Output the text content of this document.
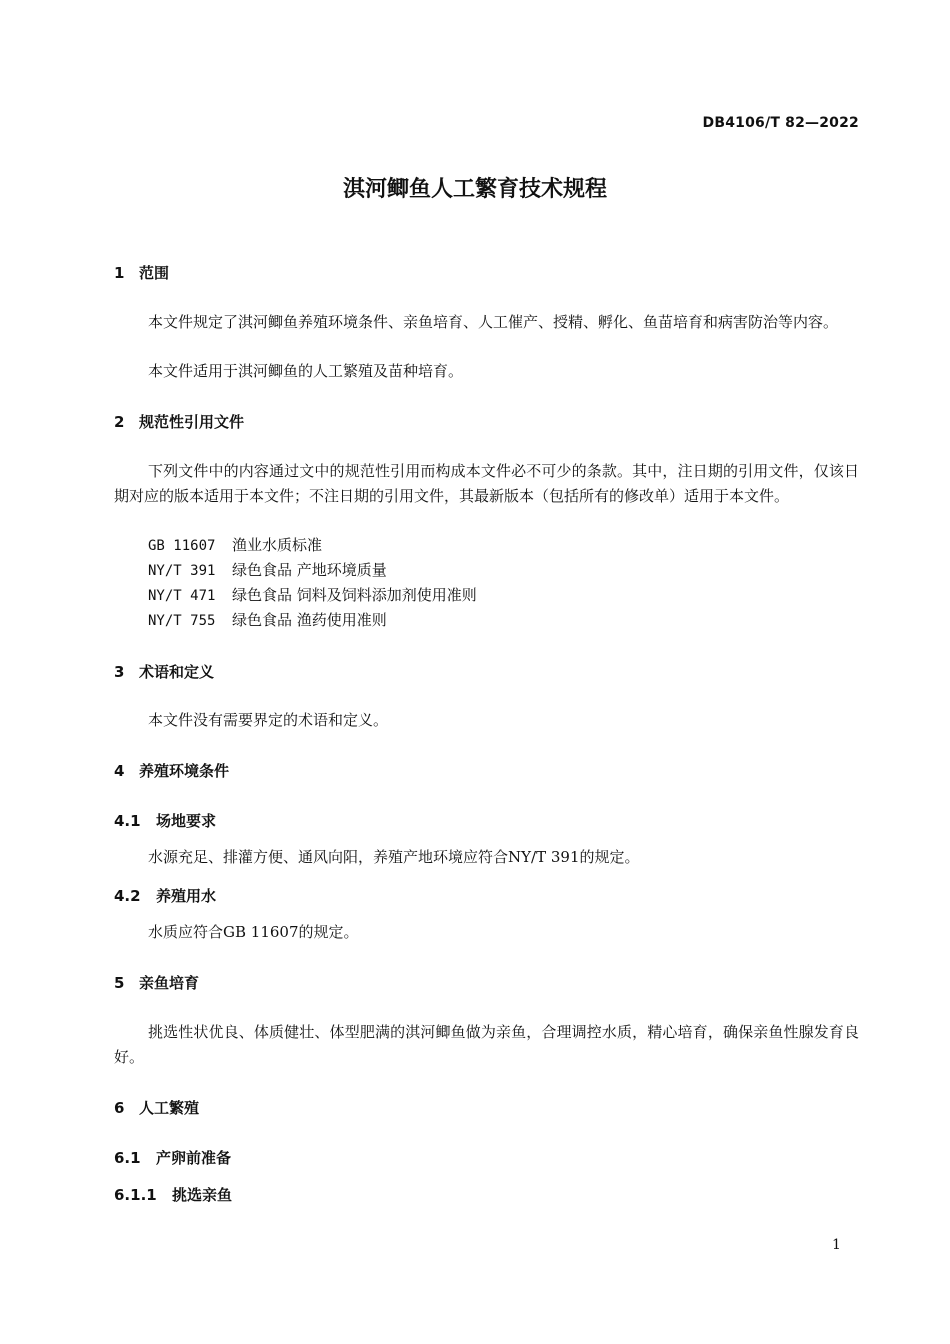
DB4106/T 82—2022
淇河鲫鱼人工繁育技术规程
1 范围
本文件规定了淇河鲫鱼养殖环境条件、亲鱼培育、人工催产、授精、孵化、鱼苗培育和病害防治等内容。
本文件适用于淇河鲫鱼的人工繁殖及苗种培育。
2 规范性引用文件
下列文件中的内容通过文中的规范性引用而构成本文件必不可少的条款。其中，注日期的引用文件，仅该日期对应的版本适用于本文件；不注日期的引用文件，其最新版本（包括所有的修改单）适用于本文件。
GB 11607 渔业水质标准
NY/T 391 绿色食品 产地环境质量
NY/T 471 绿色食品 饲料及饲料添加剂使用准则
NY/T 755 绿色食品 渔药使用准则
3 术语和定义
本文件没有需要界定的术语和定义。
4 养殖环境条件
4.1 场地要求
水源充足、排灌方便、通风向阳，养殖产地环境应符合NY/T 391的规定。
4.2 养殖用水
水质应符合GB 11607的规定。
5 亲鱼培育
挑选性状优良、体质健壮、体型肥满的淇河鲫鱼做为亲鱼，合理调控水质，精心培育，确保亲鱼性腺发育良好。
6 人工繁殖
6.1 产卵前准备
6.1.1 挑选亲鱼
1
